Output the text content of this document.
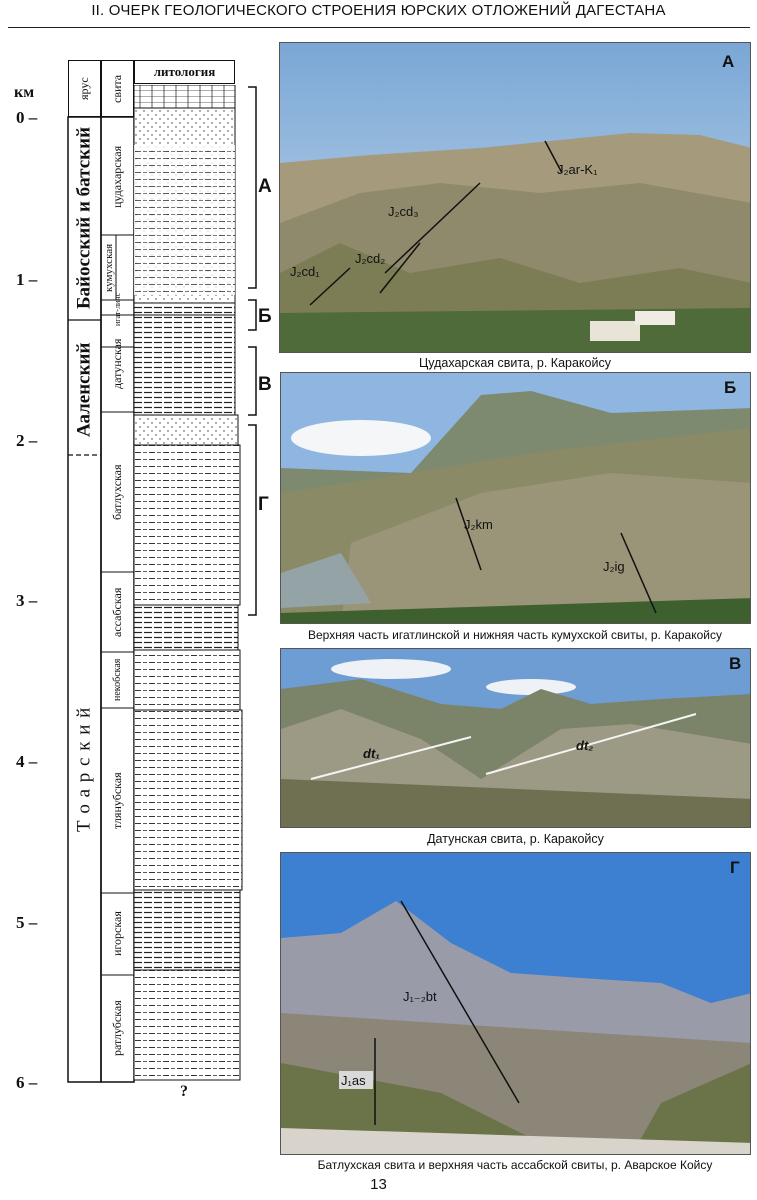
II. ОЧЕРК ГЕОЛОГИЧЕСКОГО СТРОЕНИЯ ЮРСКИХ ОТЛОЖЕНИЙ ДАГЕСТАНА
км
0 –
1 –
2 –
3 –
4 –
5 –
6 –
ярус	свита
литология
Байосский и батский
Ааленский
Т о а р с к и й
цудахарская
кумухская
игат-линс
датунская
батлухская
ассабская
некобская
тлянубская
игорская
ратлубская
?
А
Б
В
Г
J₂ar-K₁
J₂cd₃
J₂cd₂
J₂cd₁
А
Цудахарская свита, р. Каракойсу
J₂km
J₂ig
Б
Верхняя часть игатлинской и нижняя часть кумухской свиты, р. Каракойсу
dt₁
dt₂
В
Датунская свита, р. Каракойсу
J₁₋₂bt
J₁as
Г
Батлухская свита и верхняя часть ассабской свиты, р. Аварское Койсу
13
